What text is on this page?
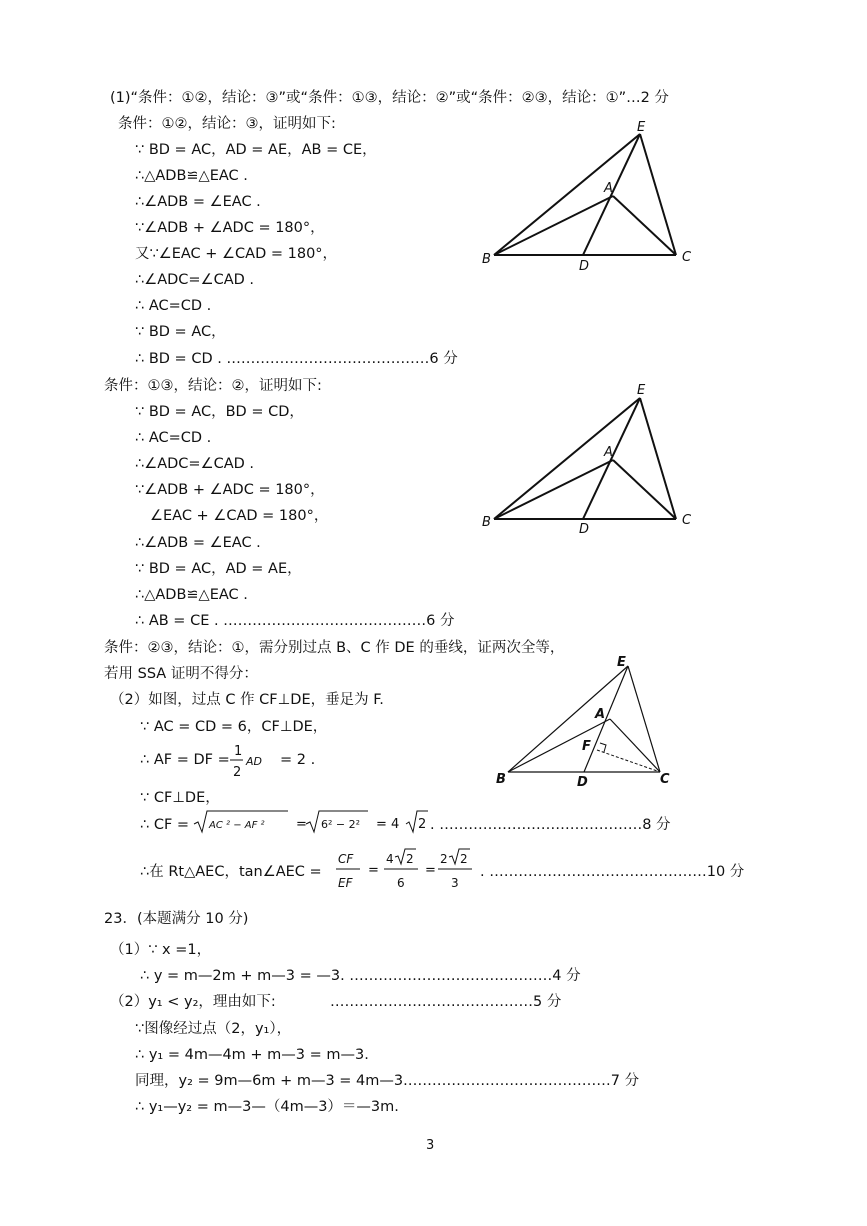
(1)“条件：①②，结论：③”或“条件：①③，结论：②”或“条件：②③，结论：①”…2 分
条件：①②，结论：③，证明如下:
∵ BD = AC，AD = AE，AB = CE，
∴△ADB≌△EAC .
∴∠ADB = ∠EAC .
∵∠ADB + ∠ADC = 180°，
又∵∠EAC + ∠CAD = 180°，
∴∠ADC=∠CAD .
∴ AC=CD .
∵ BD = AC，
∴ BD = CD . ……………………………………6 分
条件：①③，结论：②，证明如下:
∵ BD = AC，BD = CD，
∴ AC=CD .
∴∠ADC=∠CAD .
∵∠ADB + ∠ADC = 180°，
∠EAC + ∠CAD = 180°，
∴∠ADB = ∠EAC .
∵ BD = AC，AD = AE，
∴△ADB≌△EAC .
∴ AB = CE . ……………………………………6 分
条件：②③，结论：①，需分别过点 B、C 作 DE 的垂线，证两次全等，
若用 SSA 证明不得分：
（2）如图，过点 C 作 CF⊥DE，垂足为 F.
∵ AC = CD = 6，CF⊥DE，
∴ AF = DF =
1
2
AD = 2 .
∵ CF⊥DE，
∴ CF = AC ² − AF ² = 6² − 2² = 4 2 . ……………………………………8 分
∴在 Rt△AEC，tan∠AEC =
CF
EF
=
4 2
6
=
2 2
3
. ………………………………………10 分
23．(本题满分 10 分)
（1）∵ x =1，
∴ y = m—2m + m—3 = —3. ……………………………………4 分
（2）y₁ < y₂，理由如下:	……………………………………5 分
∵图像经过点（2，y₁），
∴ y₁ = 4m—4m + m—3 = m—3.
同理，y₂ = 9m—6m + m—3 = 4m—3.……………………………………7 分
∴ y₁—y₂ = m—3—（4m—3）＝—3m.
3
E
A
B	D
C
E
A
B	D
C
E
A
F
B	D	C
